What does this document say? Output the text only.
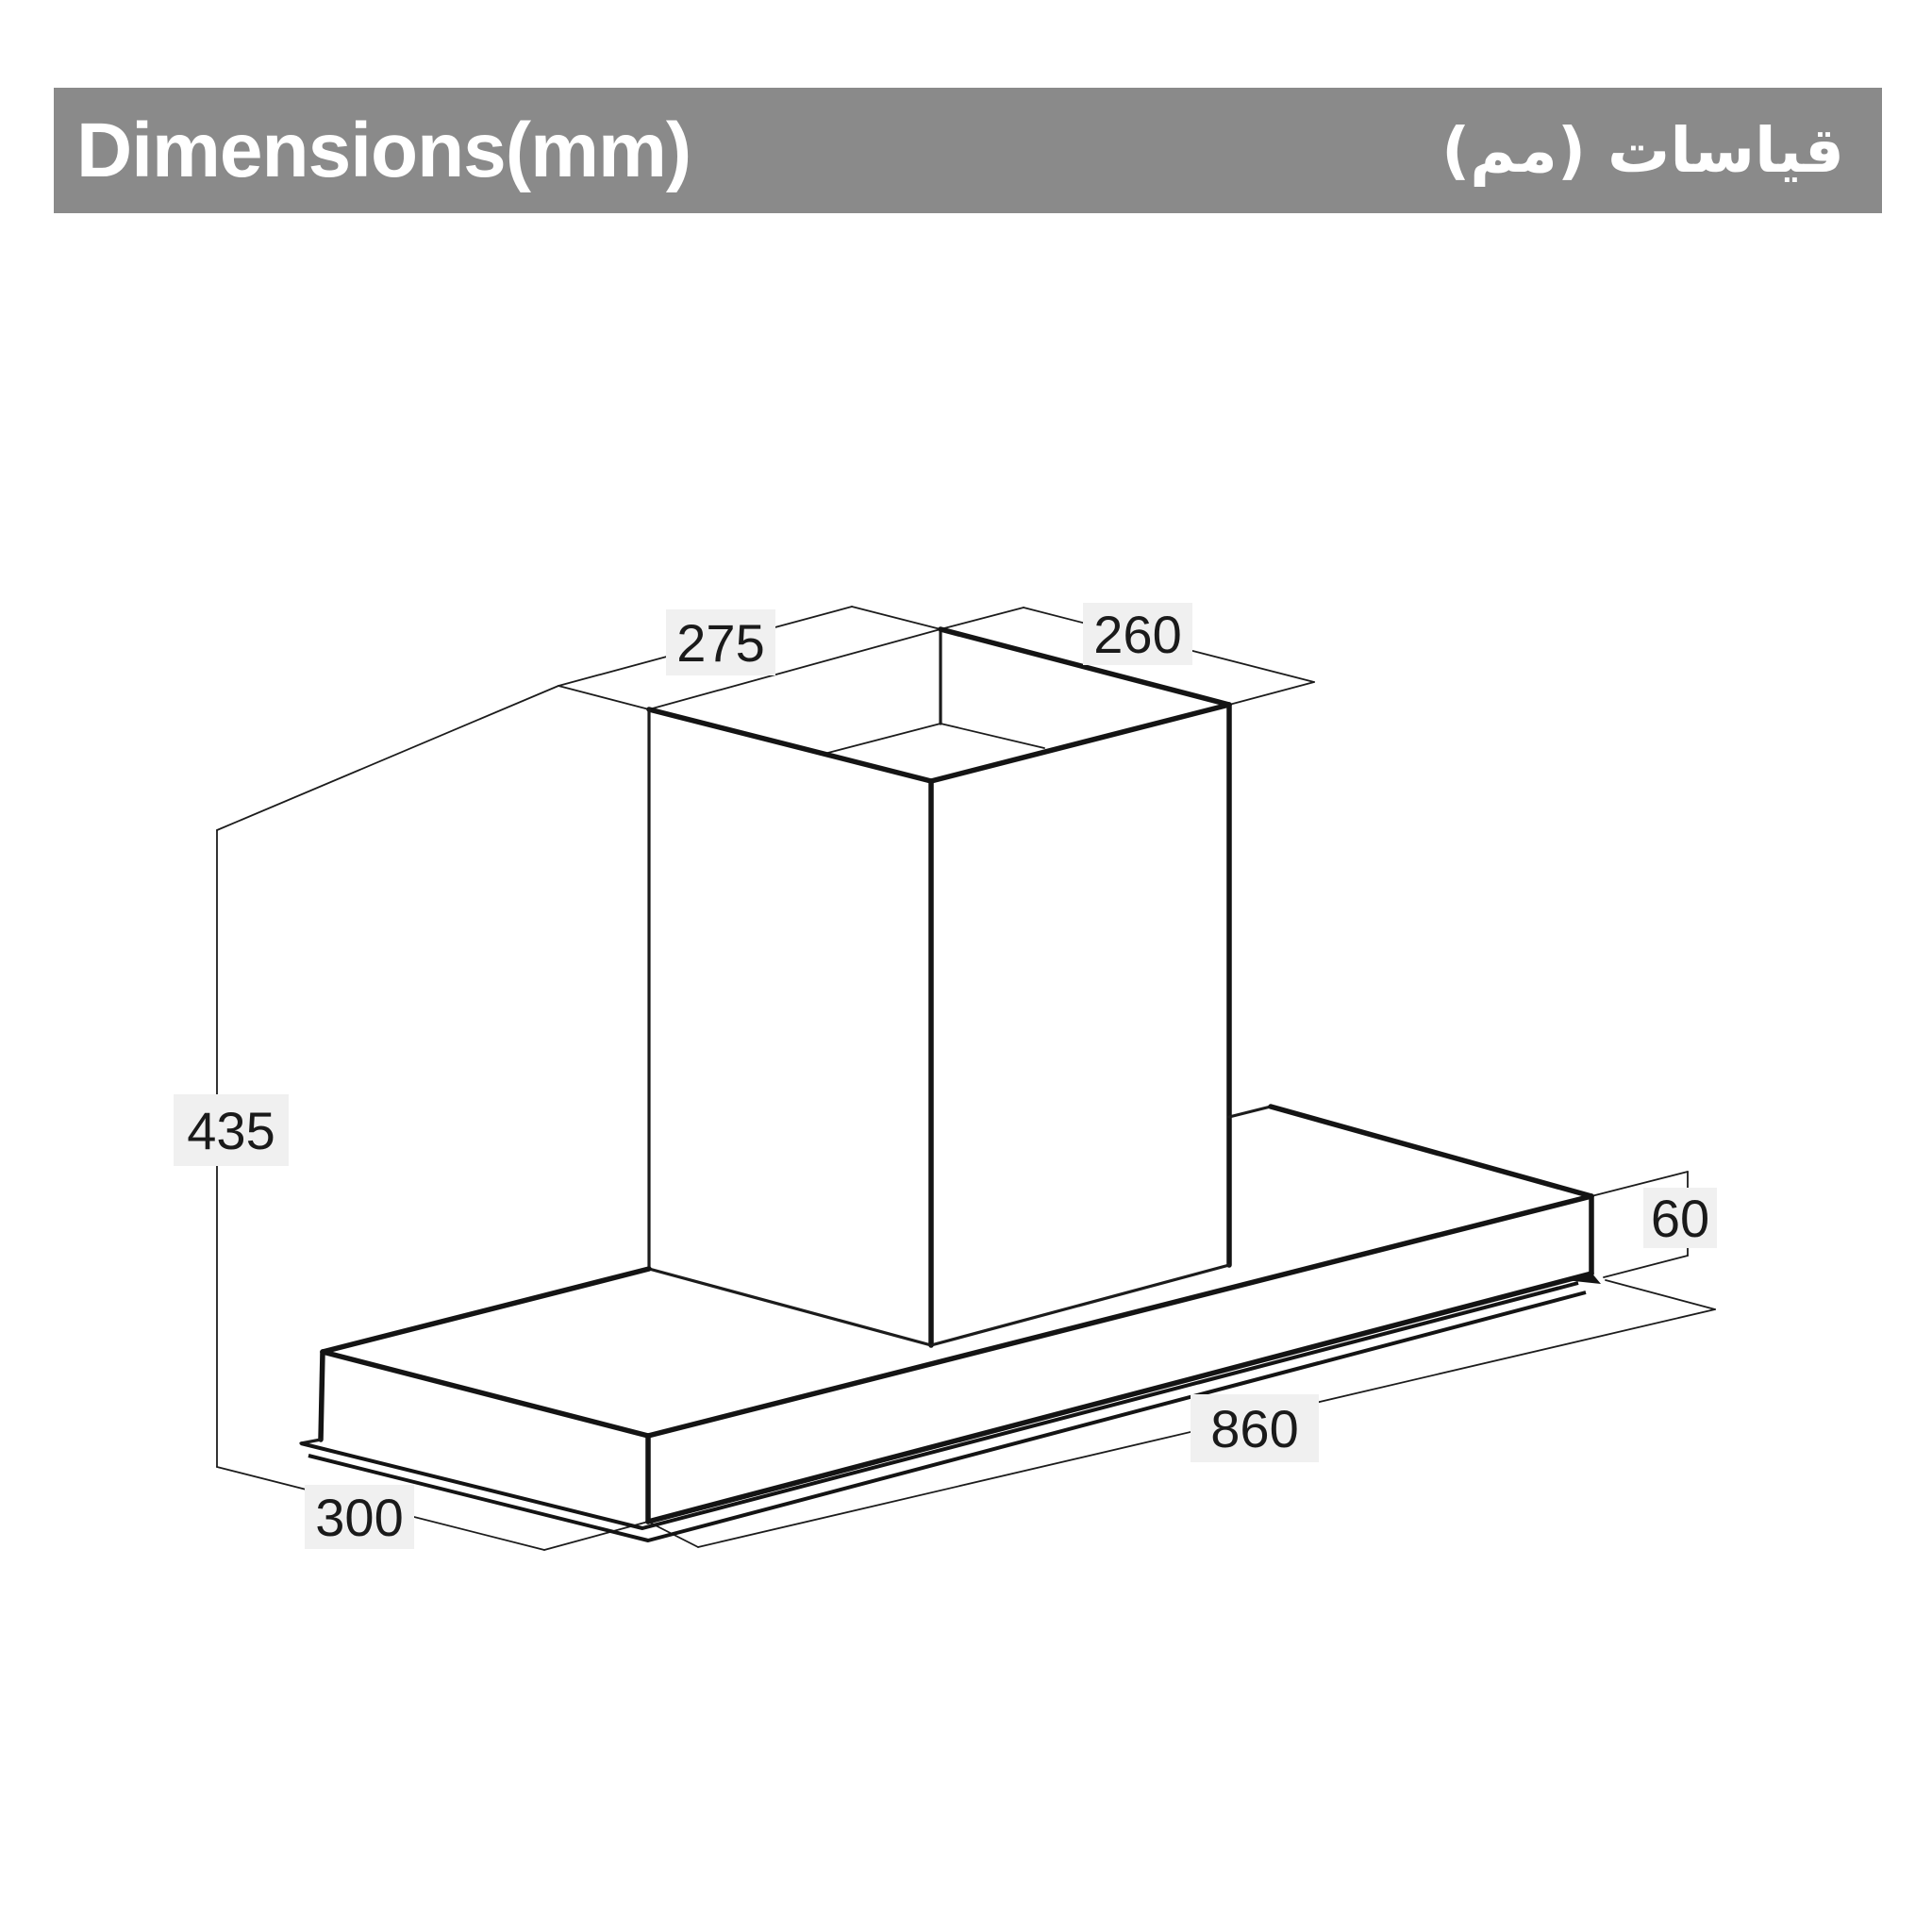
Dimensions(mm)	قياسات (مم)
275	260
435
60
860
300
